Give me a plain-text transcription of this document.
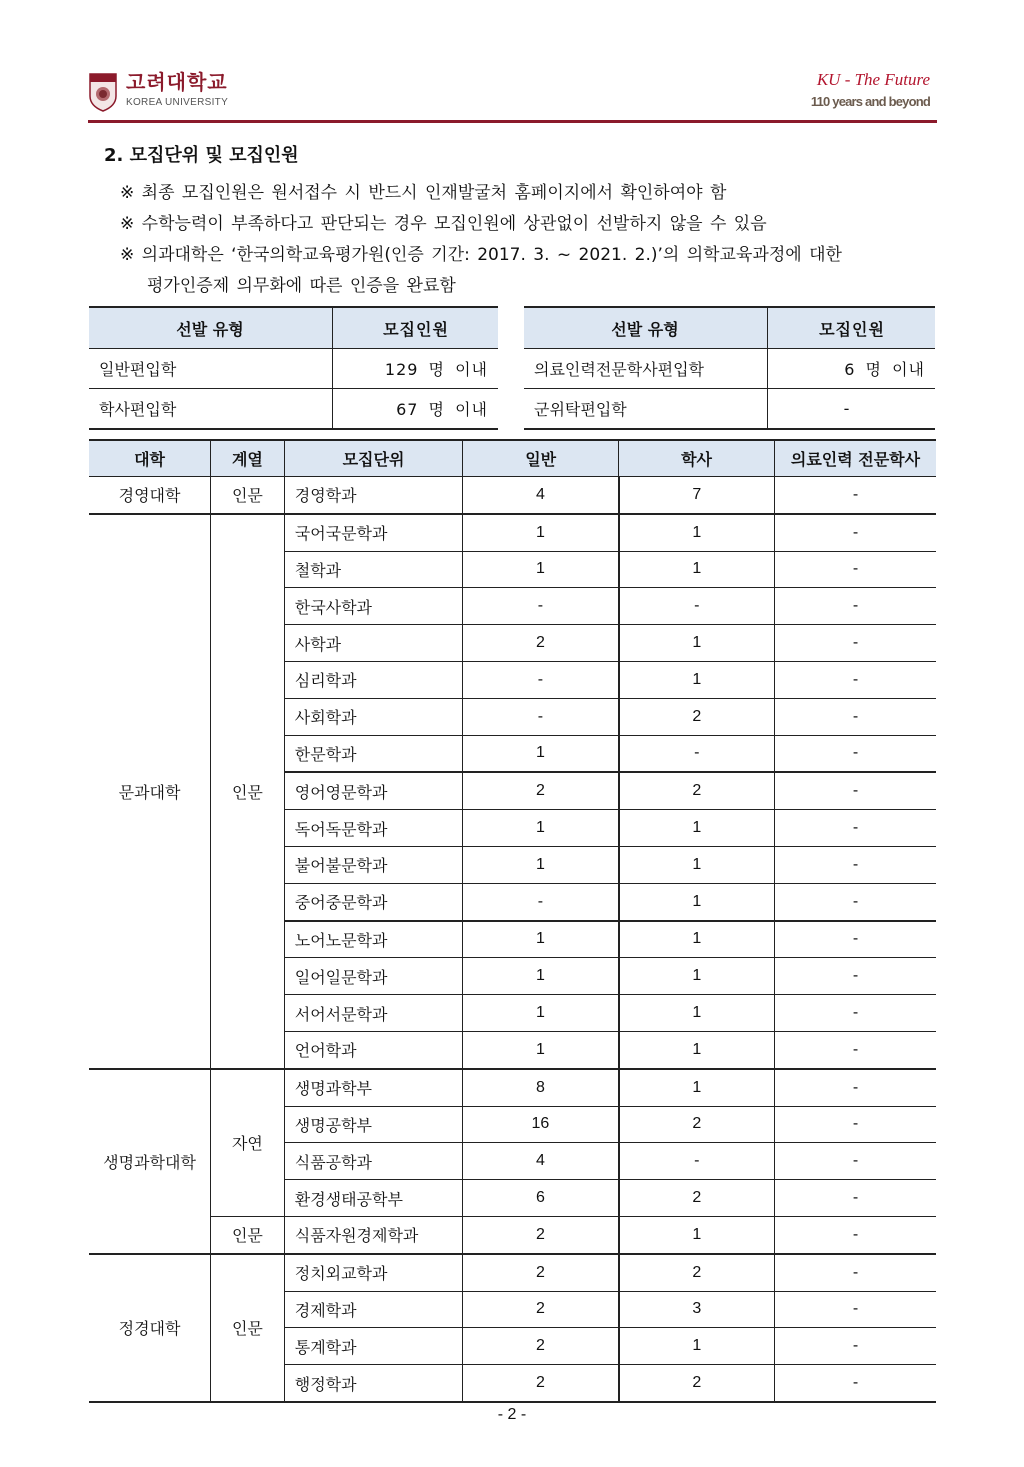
고려대학교
KOREA UNIVERSITY
KU - The Future
110 years and beyond
2. 모집단위 및 모집인원
※ 최종 모집인원은 원서접수 시 반드시 인재발굴처 홈페이지에서 확인하여야 함
※ 수학능력이 부족하다고 판단되는 경우 모집인원에 상관없이 선발하지 않을 수 있음
※ 의과대학은 ‘한국의학교육평가원(인증 기간: 2017. 3. ~ 2021. 2.)’의 의학교육과정에 대한
평가인증제 의무화에 따른 인증을 완료함
선발 유형	모집인원
일반편입학	129 명 이내
학사편입학	67 명 이내
선발 유형	모집인원
의료인력전문학사편입학	6 명 이내
군위탁편입학	-
대학	계열	모집단위	일반	학사	의료인력 전문학사
경영대학	인문	경영학과	4	7	-
문과대학	인문	국어국문학과	1	1	-
		철학과	1	1	-
		한국사학과	-	-	-
		사학과	2	1	-
		심리학과	-	1	-
		사회학과	-	2	-
		한문학과	1	-	-
		영어영문학과	2	2	-
		독어독문학과	1	1	-
		불어불문학과	1	1	-
		중어중문학과	-	1	-
		노어노문학과	1	1	-
		일어일문학과	1	1	-
		서어서문학과	1	1	-
		언어학과	1	1	-
생명과학대학	자연	생명과학부	8	1	-
		생명공학부	16	2	-
		식품공학과	4	-	-
		환경생태공학부	6	2	-
	인문	식품자원경제학과	2	1	-
정경대학	인문	정치외교학과	2	2	-
		경제학과	2	3	-
		통계학과	2	1	-
		행정학과	2	2	-
- 2 -
